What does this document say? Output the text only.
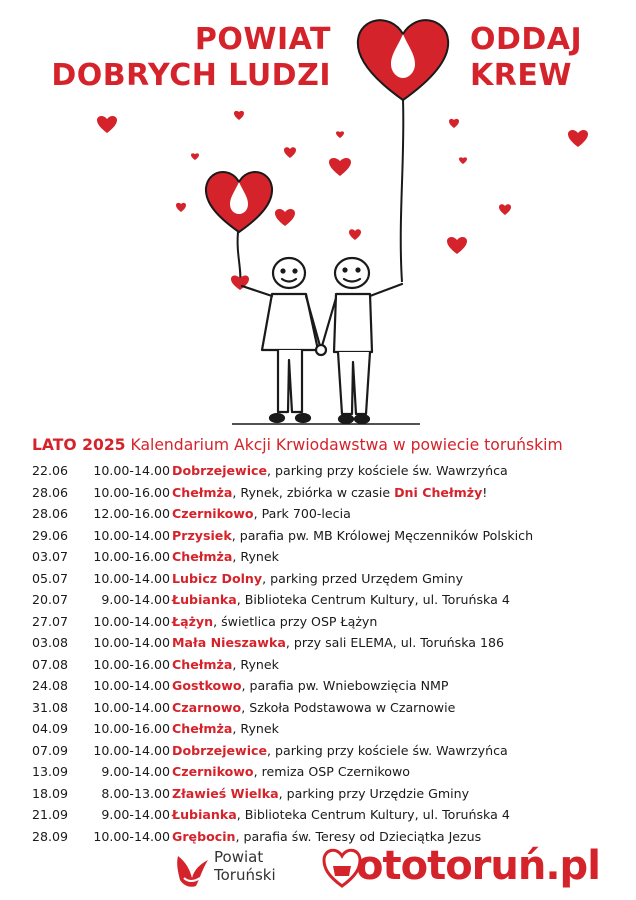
POWIAT
DOBRYCH LUDZI
ODDAJ
KREW
LATO 2025 Kalendarium Akcji Krwiodawstwa w powiecie toruńskim
22.06	10.00-14.00 Dobrzejewice, parking przy kościele św. Wawrzyńca
28.06	10.00-16.00 Chełmża, Rynek, zbiórka w czasie Dni Chełmży!
28.06	12.00-16.00 Czernikowo, Park 700-lecia
29.06	10.00-14.00 Przysiek, parafia pw. MB Królowej Męczenników Polskich
03.07	10.00-16.00 Chełmża, Rynek
05.07	10.00-14.00 Lubicz Dolny, parking przed Urzędem Gminy
20.07	9.00-14.00 Łubianka, Biblioteka Centrum Kultury, ul. Toruńska 4
27.07	10.00-14.00 Łążyn, świetlica przy OSP Łążyn
03.08	10.00-14.00 Mała Nieszawka, przy sali ELEMA, ul. Toruńska 186
07.08	10.00-16.00 Chełmża, Rynek
24.08	10.00-14.00 Gostkowo, parafia pw. Wniebowzięcia NMP
31.08	10.00-14.00 Czarnowo, Szkoła Podstawowa w Czarnowie
04.09	10.00-16.00 Chełmża, Rynek
07.09	10.00-14.00 Dobrzejewice, parking przy kościele św. Wawrzyńca
13.09	9.00-14.00 Czernikowo, remiza OSP Czernikowo
18.09	8.00-13.00 Zławieś Wielka, parking przy Urzędzie Gminy
21.09	9.00-14.00 Łubianka, Biblioteka Centrum Kultury, ul. Toruńska 4
28.09	10.00-14.00 Grębocin, parafia św. Teresy od Dzieciątka Jezus
Powiat
Toruński ototoruń.pl
